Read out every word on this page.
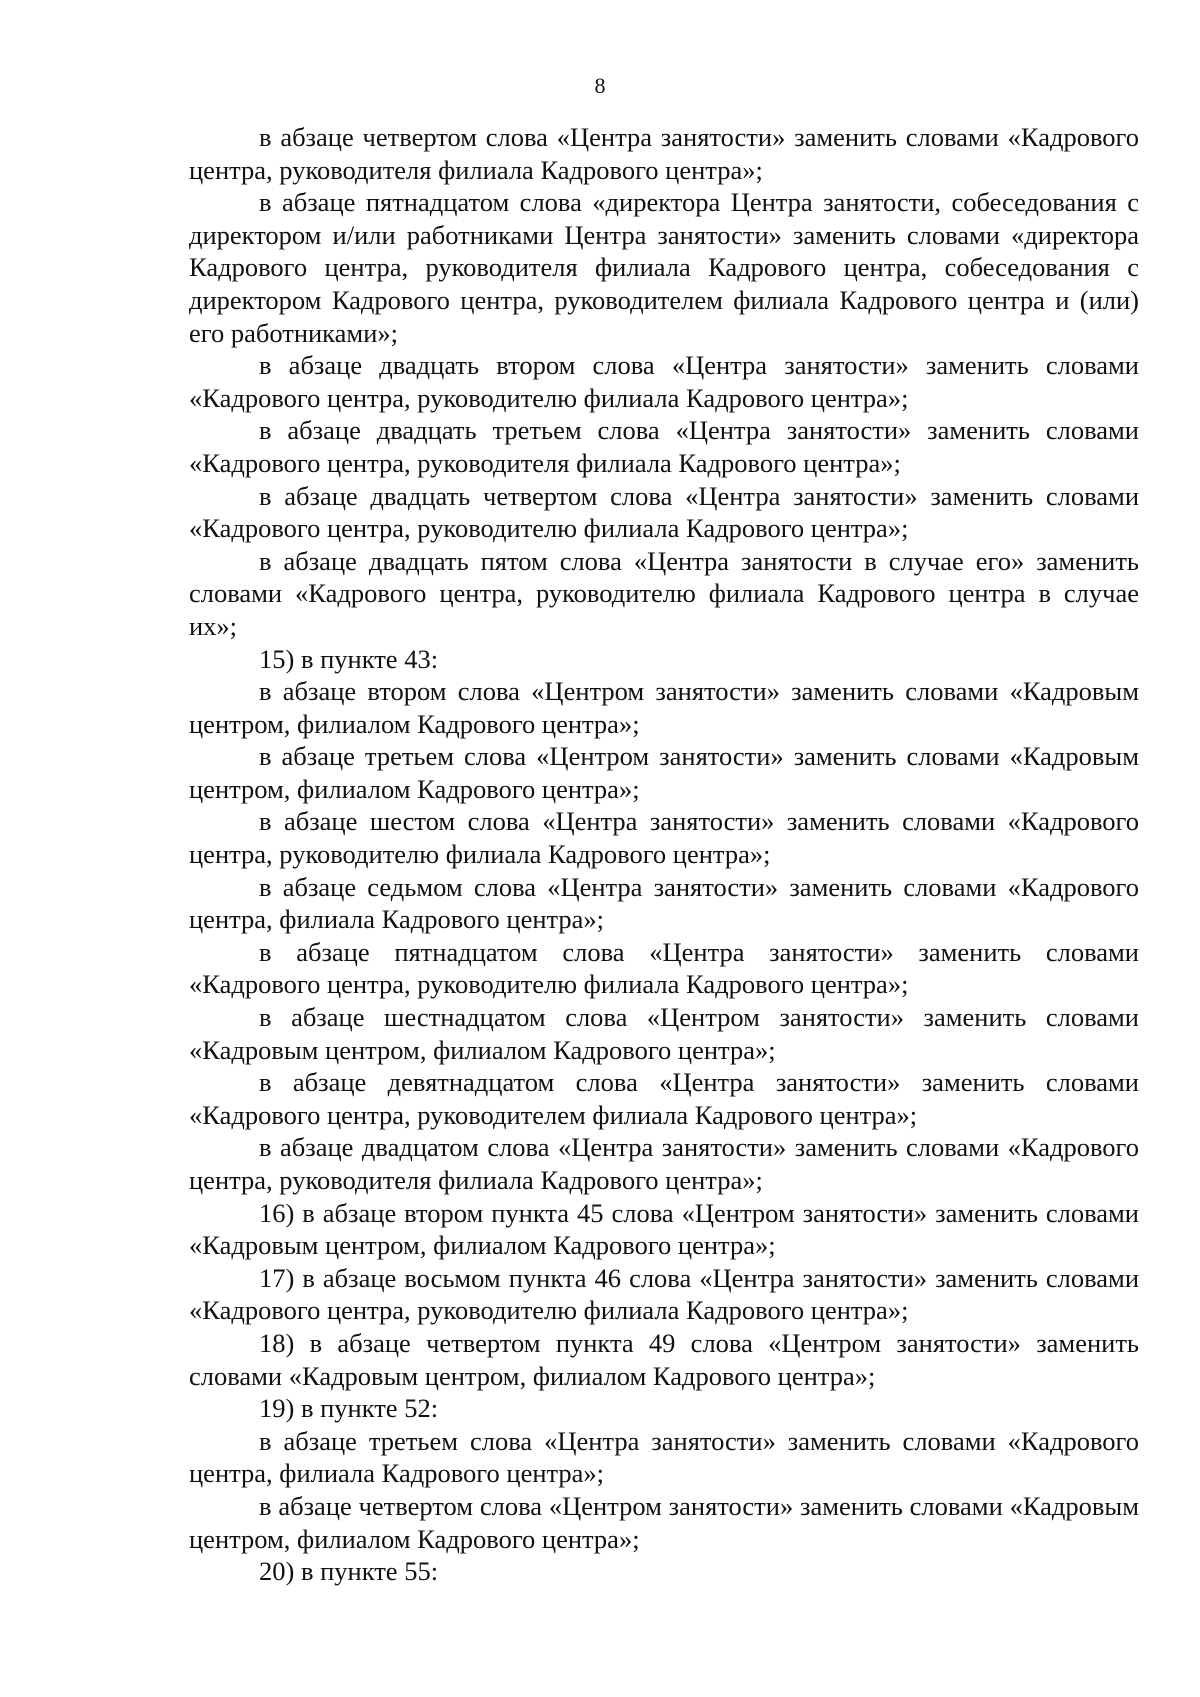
8

в абзаце четвертом слова «Центра занятости» заменить словами «Кадрового центра, руководителя филиала Кадрового центра»;

в абзаце пятнадцатом слова «директора Центра занятости, собеседования с директором и/или работниками Центра занятости» заменить словами «директора Кадрового центра, руководителя филиала Кадрового центра, собеседования с директором Кадрового центра, руководителем филиала Кадрового центра и (или) его работниками»;

в абзаце двадцать втором слова «Центра занятости» заменить словами «Кадрового центра, руководителю филиала Кадрового центра»;

в абзаце двадцать третьем слова «Центра занятости» заменить словами «Кадрового центра, руководителя филиала Кадрового центра»;

в абзаце двадцать четвертом слова «Центра занятости» заменить словами «Кадрового центра, руководителю филиала Кадрового центра»;

в абзаце двадцать пятом слова «Центра занятости в случае его» заменить словами «Кадрового центра, руководителю филиала Кадрового центра в случае их»;

15) в пункте 43:

в абзаце втором слова «Центром занятости» заменить словами «Кадровым центром, филиалом Кадрового центра»;

в абзаце третьем слова «Центром занятости» заменить словами «Кадровым центром, филиалом Кадрового центра»;

в абзаце шестом слова «Центра занятости» заменить словами «Кадрового центра, руководителю филиала Кадрового центра»;

в абзаце седьмом слова «Центра занятости» заменить словами «Кадрового центра, филиала Кадрового центра»;

в абзаце пятнадцатом слова «Центра занятости» заменить словами «Кадрового центра, руководителю филиала Кадрового центра»;

в абзаце шестнадцатом слова «Центром занятости» заменить словами «Кадровым центром, филиалом Кадрового центра»;

в абзаце девятнадцатом слова «Центра занятости» заменить словами «Кадрового центра, руководителем филиала Кадрового центра»;

в абзаце двадцатом слова «Центра занятости» заменить словами «Кадрового центра, руководителя филиала Кадрового центра»;

16) в абзаце втором пункта 45 слова «Центром занятости» заменить словами «Кадровым центром, филиалом Кадрового центра»;

17) в абзаце восьмом пункта 46 слова «Центра занятости» заменить словами «Кадрового центра, руководителю филиала Кадрового центра»;

18) в абзаце четвертом пункта 49 слова «Центром занятости» заменить словами «Кадровым центром, филиалом Кадрового центра»;

19) в пункте 52:

в абзаце третьем слова «Центра занятости» заменить словами «Кадрового центра, филиала Кадрового центра»;

в абзаце четвертом слова «Центром занятости» заменить словами «Кадровым центром, филиалом Кадрового центра»;

20) в пункте 55:
